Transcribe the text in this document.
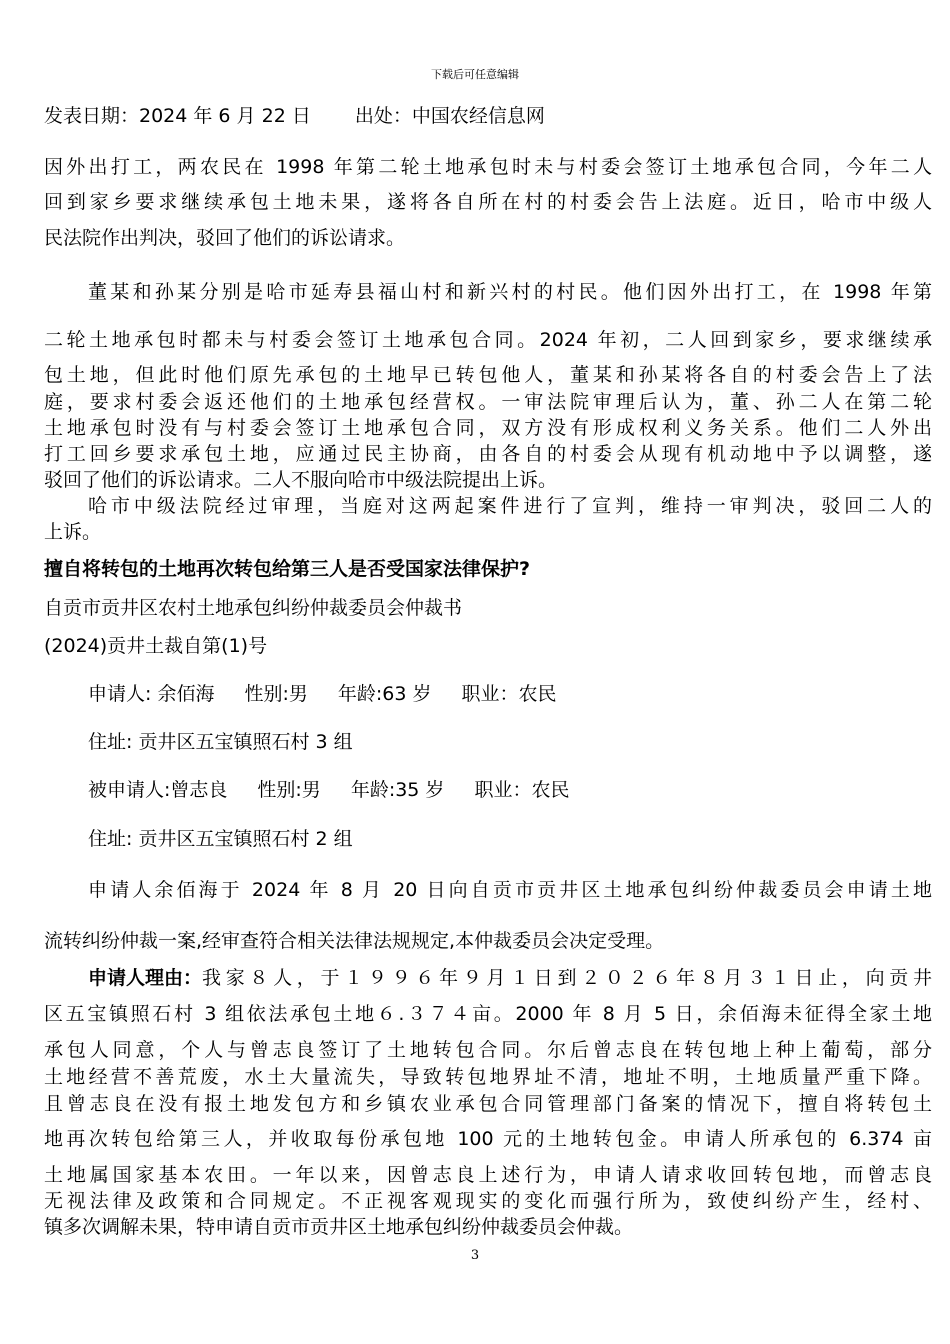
下载后可任意编辑
发表日期：2024 年 6 月 22 日 出处：中国农经信息网
因外出打工，两农民在 1998 年第二轮土地承包时未与村委会签订土地承包合同，今年二人
回到家乡要求继续承包土地未果，遂将各自所在村的村委会告上法庭。近日，哈市中级人
民法院作出判决，驳回了他们的诉讼请求。
董某和孙某分别是哈市延寿县福山村和新兴村的村民。他们因外出打工，在 1998 年第
二轮土地承包时都未与村委会签订土地承包合同。2024 年初，二人回到家乡，要求继续承
包土地，但此时他们原先承包的土地早已转包他人，董某和孙某将各自的村委会告上了法
庭，要求村委会返还他们的土地承包经营权。一审法院审理后认为，董、孙二人在第二轮
土地承包时没有与村委会签订土地承包合同，双方没有形成权利义务关系。他们二人外出
打工回乡要求承包土地，应通过民主协商，由各自的村委会从现有机动地中予以调整，遂
驳回了他们的诉讼请求。二人不服向哈市中级法院提出上诉。
哈市中级法院经过审理，当庭对这两起案件进行了宣判，维持一审判决，驳回二人的
上诉。
擅自将转包的土地再次转包给第三人是否受国家法律保护?
自贡市贡井区农村土地承包纠纷仲裁委员会仲裁书
(2024)贡井土裁自第(1)号
申请人: 余佰海 性别:男 年龄:63 岁 职业：农民
住址: 贡井区五宝镇照石村 3 组
被申请人:曾志良 性别:男 年龄:35 岁 职业：农民
住址: 贡井区五宝镇照石村 2 组
申请人余佰海于 2024 年 8 月 20 日向自贡市贡井区土地承包纠纷仲裁委员会申请土地
流转纠纷仲裁一案,经审查符合相关法律法规规定,本仲裁委员会决定受理。
申请人理由： 我家８人，于１９９６年９月１日到２０２６年８月３１日止，向贡井
区五宝镇照石村 3 组依法承包土地６.３７４亩。2000 年 8 月 5 日，余佰海未征得全家土地
承包人同意，个人与曾志良签订了土地转包合同。尔后曾志良在转包地上种上葡萄，部分
土地经营不善荒废，水土大量流失，导致转包地界址不清，地址不明，土地质量严重下降。
且曾志良在没有报土地发包方和乡镇农业承包合同管理部门备案的情况下，擅自将转包土
地再次转包给第三人，并收取每份承包地 100 元的土地转包金。申请人所承包的 6.374 亩
土地属国家基本农田。一年以来，因曾志良上述行为，申请人请求收回转包地，而曾志良
无视法律及政策和合同规定。不正视客观现实的变化而强行所为，致使纠纷产生，经村、
镇多次调解未果，特申请自贡市贡井区土地承包纠纷仲裁委员会仲裁。
3
